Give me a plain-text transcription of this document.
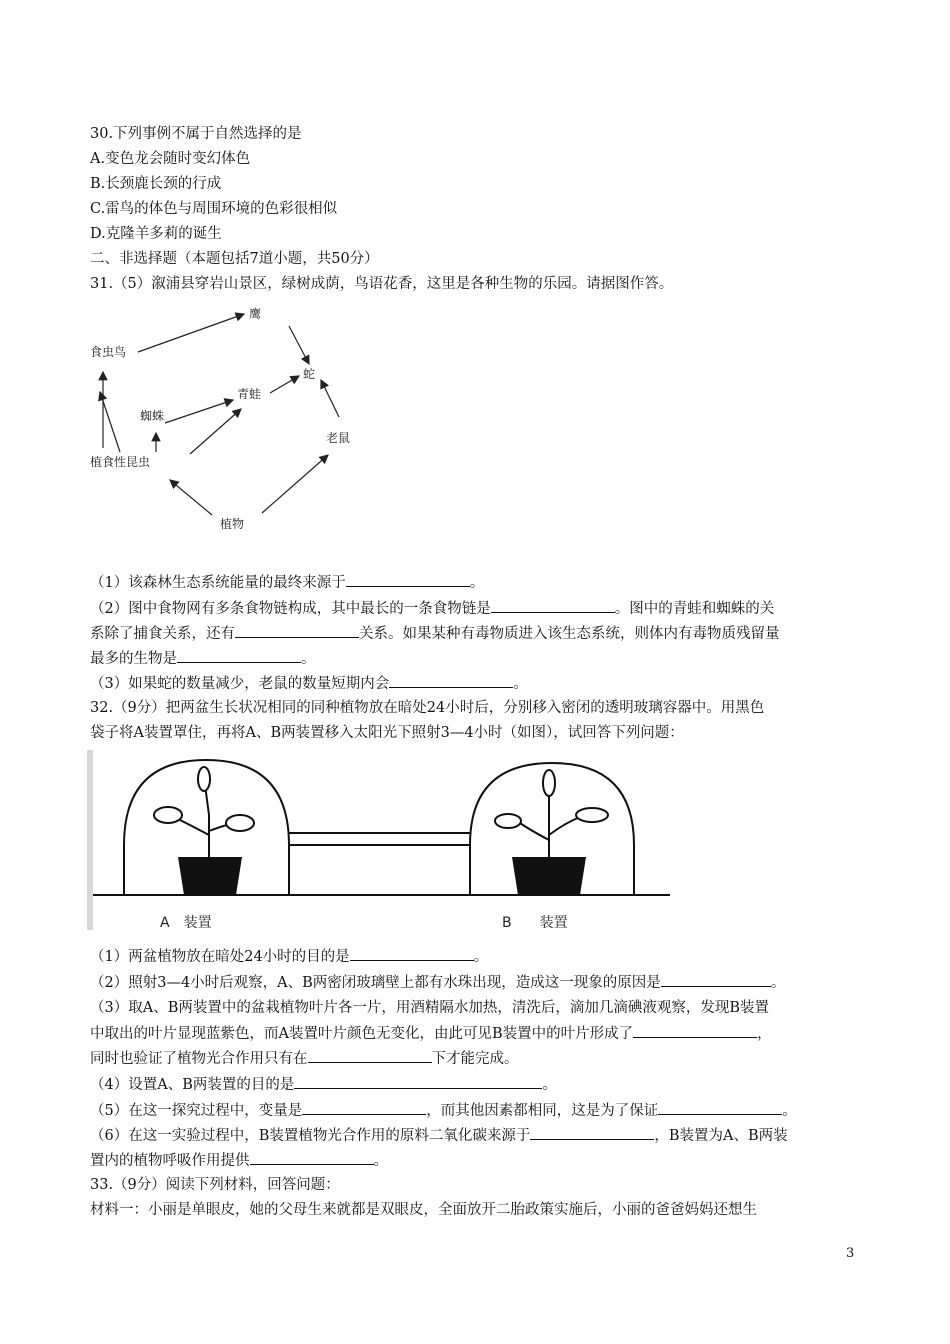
30.下列事例不属于自然选择的是
A.变色龙会随时变幻体色
B.长颈鹿长颈的行成
C.雷鸟的体色与周围环境的色彩很相似
D.克隆羊多莉的诞生
二、非选择题（本题包括7道小题，共50分）
31.（5）溆浦县穿岩山景区，绿树成荫，鸟语花香，这里是各种生物的乐园。请据图作答。
鹰
食虫鸟
蛇
青蛙
蜘蛛
老鼠
植食性昆虫
植物
（1）该森林生态系统能量的最终来源于	。
（2）图中食物网有多条食物链构成，其中最长的一条食物链是	。图中的青蛙和蜘蛛的关
系除了捕食关系，还有	关系。如果某种有毒物质进入该生态系统，则体内有毒物质残留量
最多的生物是	。
（3）如果蛇的数量减少，老鼠的数量短期内会	。
32.（9分）把两盆生长状况相同的同种植物放在暗处24小时后，分别移入密闭的透明玻璃容器中。用黑色
袋子将A装置罩住，再将A、B两装置移入太阳光下照射3—4小时（如图），试回答下列问题：
A　装置	B　　装置
（1）两盆植物放在暗处24小时的目的是	。
（2）照射3—4小时后观察，A、B两密闭玻璃壁上都有水珠出现，造成这一现象的原因是	。
（3）取A、B两装置中的盆栽植物叶片各一片，用酒精隔水加热，清洗后，滴加几滴碘液观察，发现B装置
中取出的叶片显现蓝紫色，而A装置叶片颜色无变化，由此可见B装置中的叶片形成了	，
同时也验证了植物光合作用只有在	下才能完成。
（4）设置A、B两装置的目的是	。
（5）在这一探究过程中，变量是	，而其他因素都相同，这是为了保证	。
（6）在这一实验过程中，B装置植物光合作用的原料二氧化碳来源于	，B装置为A、B两装
置内的植物呼吸作用提供	。
33.（9分）阅读下列材料，回答问题：
材料一：小丽是单眼皮，她的父母生来就都是双眼皮，全面放开二胎政策实施后，小丽的爸爸妈妈还想生
3
